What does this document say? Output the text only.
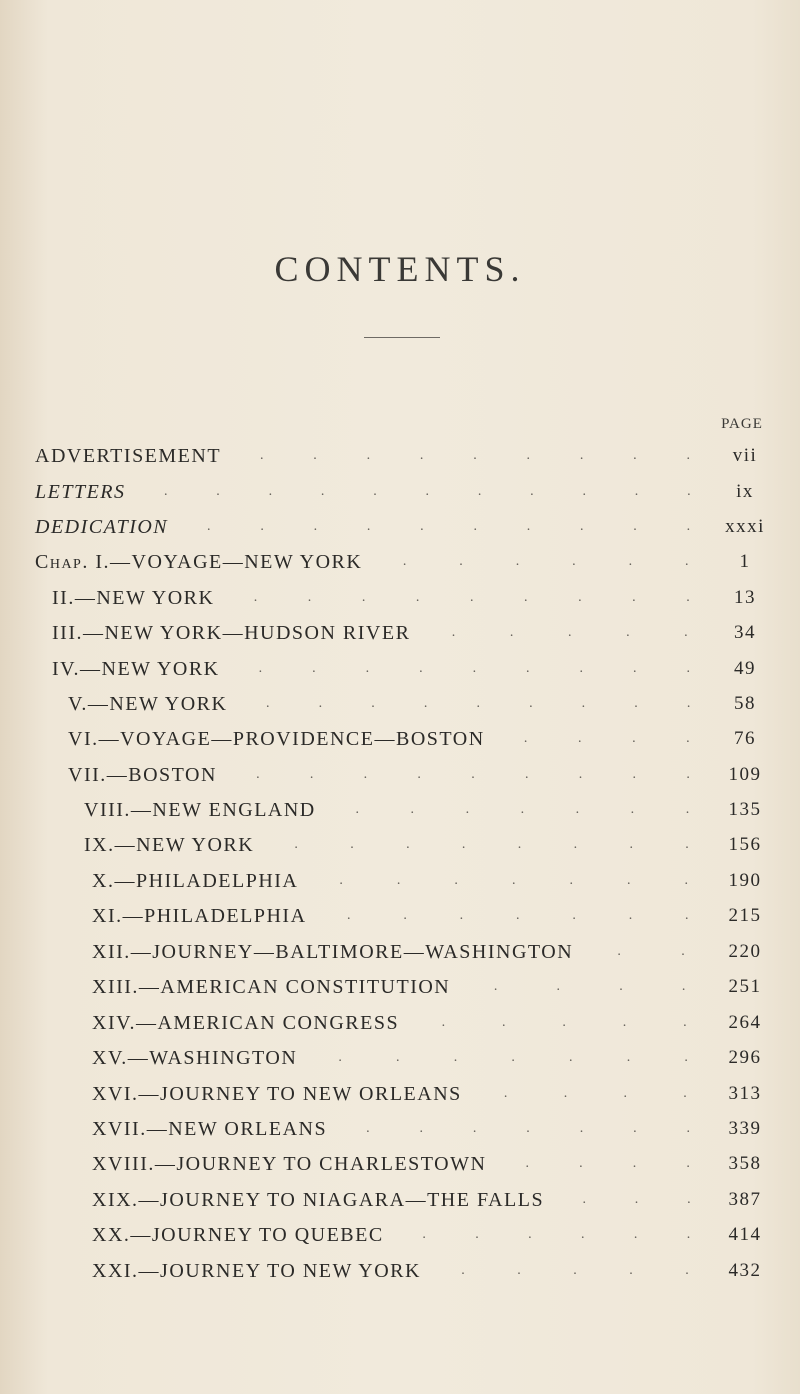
CONTENTS.
PAGE
ADVERTISEMENT	.	.	.	.	.	.	.	.	.	vii
LETTERS	.	.	.	.	.	.	.	.	.	.	.	ix
DEDICATION	.	.	.	.	.	.	.	.	.	.	xxxi
Chap. I.—VOYAGE—NEW YORK	.	.	.	.	.	.	1
II.—NEW YORK	.	.	.	.	.	.	.	.	.	13
III.—NEW YORK—HUDSON RIVER	.	.	.	.	.	34
IV.—NEW YORK	.	.	.	.	.	.	.	.	.	49
V.—NEW YORK	.	.	.	.	.	.	.	.	.	58
VI.—VOYAGE—PROVIDENCE—BOSTON	.	.	.	.	76
VII.—BOSTON	.	.	.	.	.	.	.	.	.	109
VIII.—NEW ENGLAND	.	.	.	.	.	.	.	135
IX.—NEW YORK	.	.	.	.	.	.	.	.	156
X.—PHILADELPHIA	.	.	.	.	.	.	.	190
XI.—PHILADELPHIA	.	.	.	.	.	.	.	215
XII.—JOURNEY—BALTIMORE—WASHINGTON	.	.	220
XIII.—AMERICAN CONSTITUTION	.	.	.	.	251
XIV.—AMERICAN CONGRESS	.	.	.	.	.	264
XV.—WASHINGTON	.	.	.	.	.	.	.	296
XVI.—JOURNEY TO NEW ORLEANS	.	.	.	.	313
XVII.—NEW ORLEANS	.	.	.	.	.	.	.	339
XVIII.—JOURNEY TO CHARLESTOWN	.	.	.	.	358
XIX.—JOURNEY TO NIAGARA—THE FALLS	.	.	.	387
XX.—JOURNEY TO QUEBEC	.	.	.	.	.	.	414
XXI.—JOURNEY TO NEW YORK	.	.	.	.	.	432
